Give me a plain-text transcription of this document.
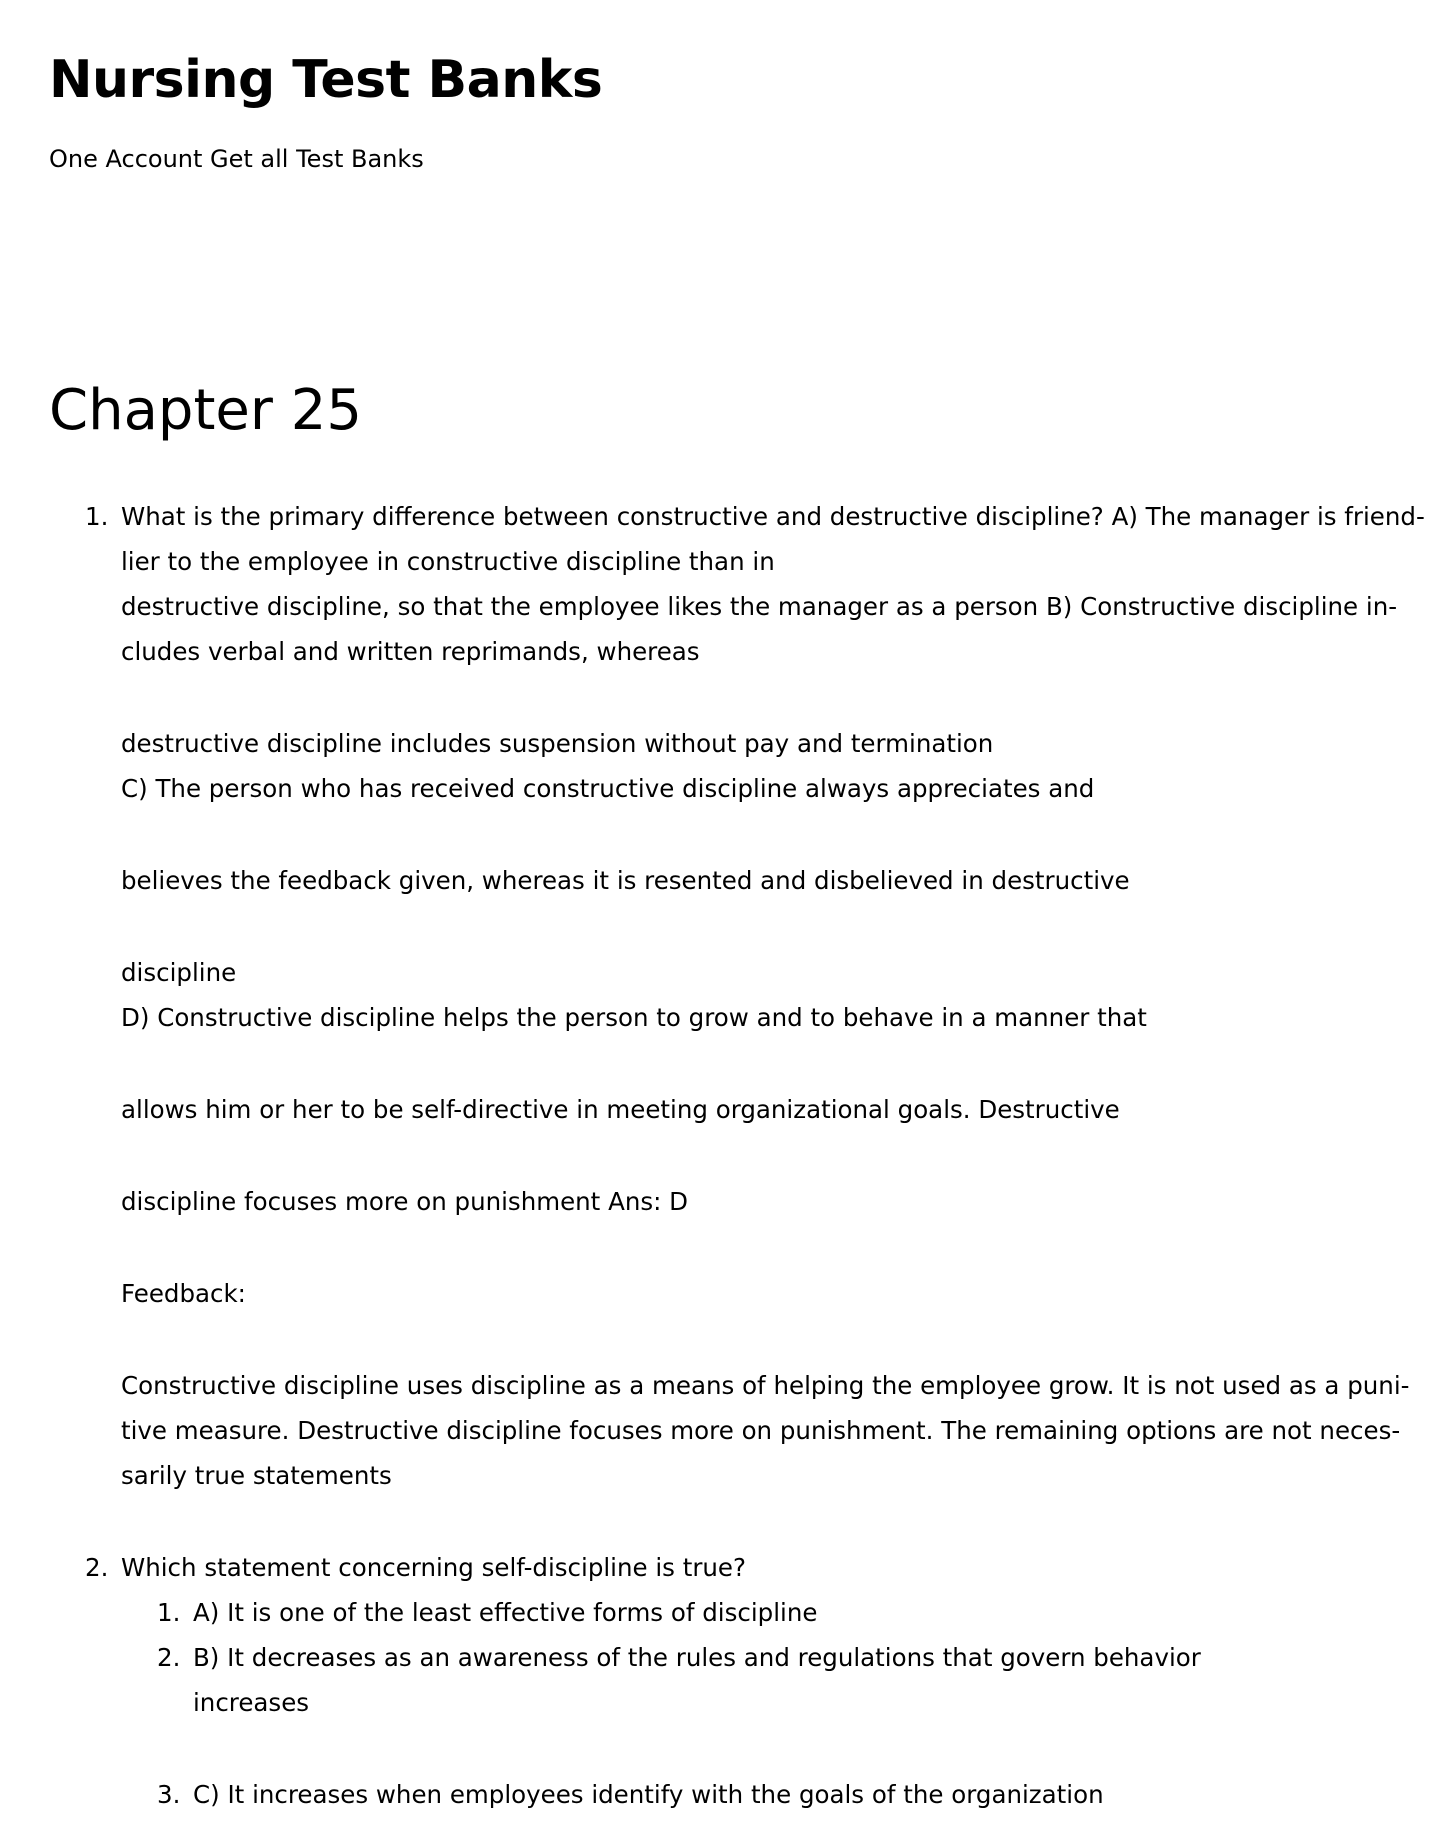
Nursing Test Banks

One Account Get all Test Banks

Chapter 25
1. What is the primary difference between constructive and destructive discipline? A) The manager is friend-
lier to the employee in constructive discipline than in
destructive discipline, so that the employee likes the manager as a person B) Constructive discipline in-
cludes verbal and written reprimands, whereas
destructive discipline includes suspension without pay and termination
C) The person who has received constructive discipline always appreciates and
believes the feedback given, whereas it is resented and disbelieved in destructive
discipline
D) Constructive discipline helps the person to grow and to behave in a manner that
allows him or her to be self-directive in meeting organizational goals. Destructive
discipline focuses more on punishment Ans: D
Feedback:
Constructive discipline uses discipline as a means of helping the employee grow. It is not used as a puni-
tive measure. Destructive discipline focuses more on punishment. The remaining options are not neces-
sarily true statements
2. Which statement concerning self-discipline is true?
1. A) It is one of the least effective forms of discipline
2. B) It decreases as an awareness of the rules and regulations that govern behavior
increases
3. C) It increases when employees identify with the goals of the organization
